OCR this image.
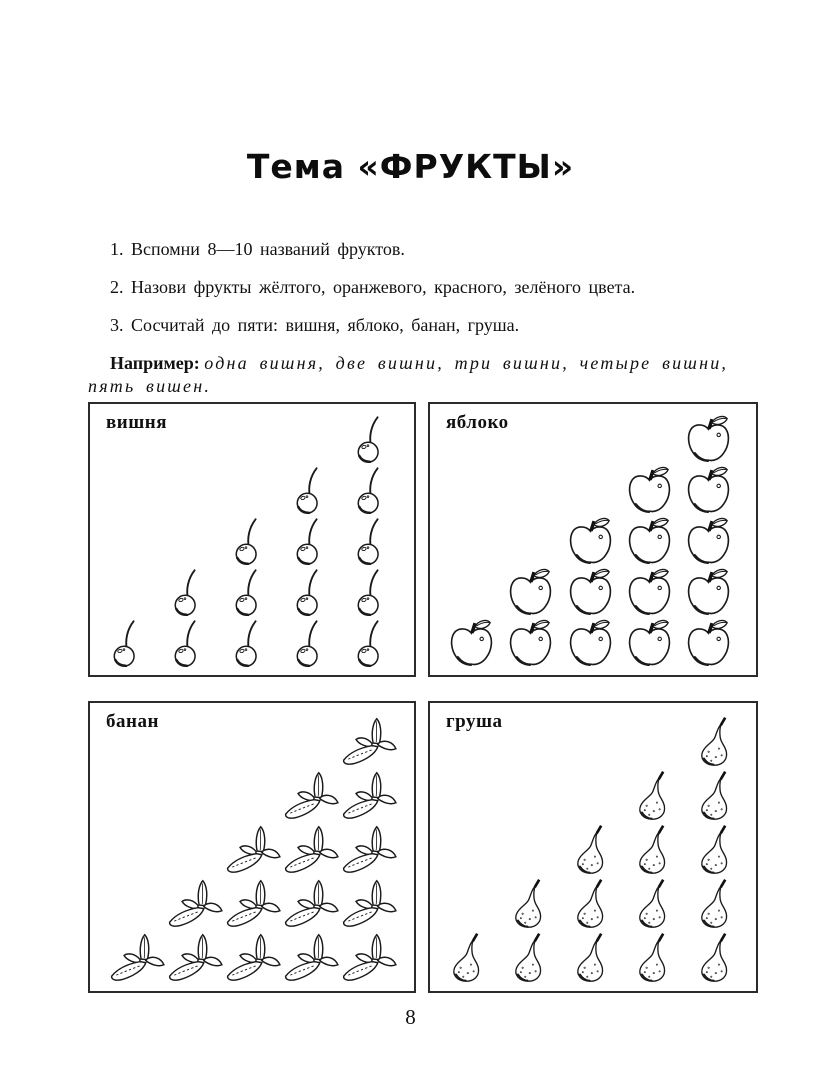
Тема «ФРУКТЫ»

1. Вспомни 8—10 названий фруктов.

2. Назови фрукты жёлтого, оранжевого, красного, зелёного цвета.

3. Сосчитай до пяти: вишня, яблоко, банан, груша.

Например: одна вишня, две вишни, три вишни, четыре вишни, пять вишен.

вишня	яблоко
банан	груша
8
